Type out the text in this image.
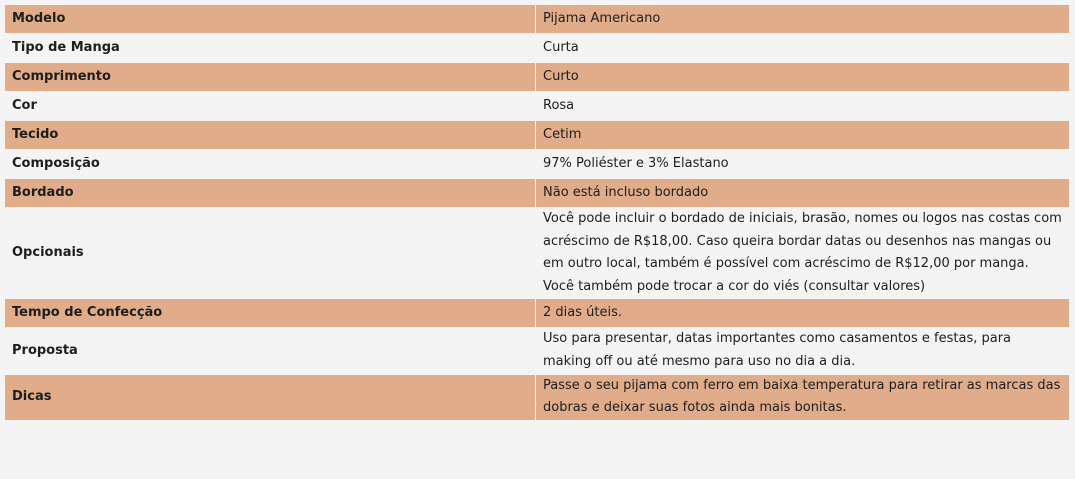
Modelo	Pijama Americano
Tipo de Manga	Curta
Comprimento	Curto
Cor	Rosa
Tecido	Cetim
Composição	97% Poliéster e 3% Elastano
Bordado	Não está incluso bordado
Opcionais	Você pode incluir o bordado de iniciais, brasão, nomes ou logos nas costas com acréscimo de R$18,00. Caso queira bordar datas ou desenhos nas mangas ou em outro local, também é possível com acréscimo de R$12,00 por manga. Você também pode trocar a cor do viés (consultar valores)
Tempo de Confecção	2 dias úteis.
Proposta	Uso para presentar, datas importantes como casamentos e festas, para making off ou até mesmo para uso no dia a dia.
Dicas	Passe o seu pijama com ferro em baixa temperatura para retirar as marcas das dobras e deixar suas fotos ainda mais bonitas.
